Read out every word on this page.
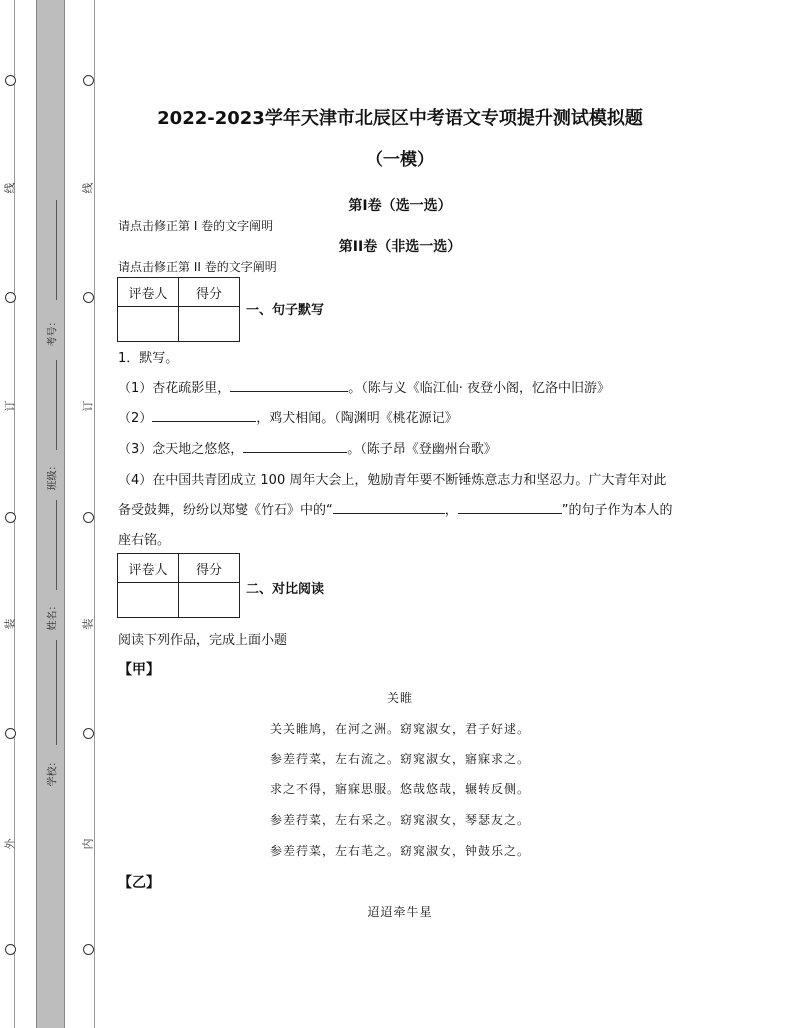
线
订
装
外
线
订
装
内
考号：
班级：
姓名：
学校：
2022-2023学年天津市北辰区中考语文专项提升测试模拟题
（一模）
第I卷（选一选）
请点击修正第 I 卷的文字阐明
第II卷（非选一选）
请点击修正第 II 卷的文字阐明
评卷人	得分

一、句子默写
1．默写。
（1）杏花疏影里，	。（陈与义《临江仙· 夜登小阁，忆洛中旧游》
（2）	，鸡犬相闻。（陶渊明《桃花源记》
（3）念天地之悠悠，	。（陈子昂《登幽州台歌》
（4）在中国共青团成立 100 周年大会上，勉励青年要不断锤炼意志力和坚忍力。广大青年对此
备受鼓舞，纷纷以郑燮《竹石》中的“	，	”的句子作为本人的
座右铭。
评卷人	得分

二、对比阅读
阅读下列作品，完成上面小题
【甲】
关睢
关关睢鸠，在河之洲。窈窕淑女，君子好逑。
参差荇菜，左右流之。窈窕淑女，寤寐求之。
求之不得，寤寐思服。悠哉悠哉，辗转反侧。
参差荇菜，左右采之。窈窕淑女，琴瑟友之。
参差荇菜，左右芼之。窈窕淑女，钟鼓乐之。
【乙】
迢迢牵牛星
